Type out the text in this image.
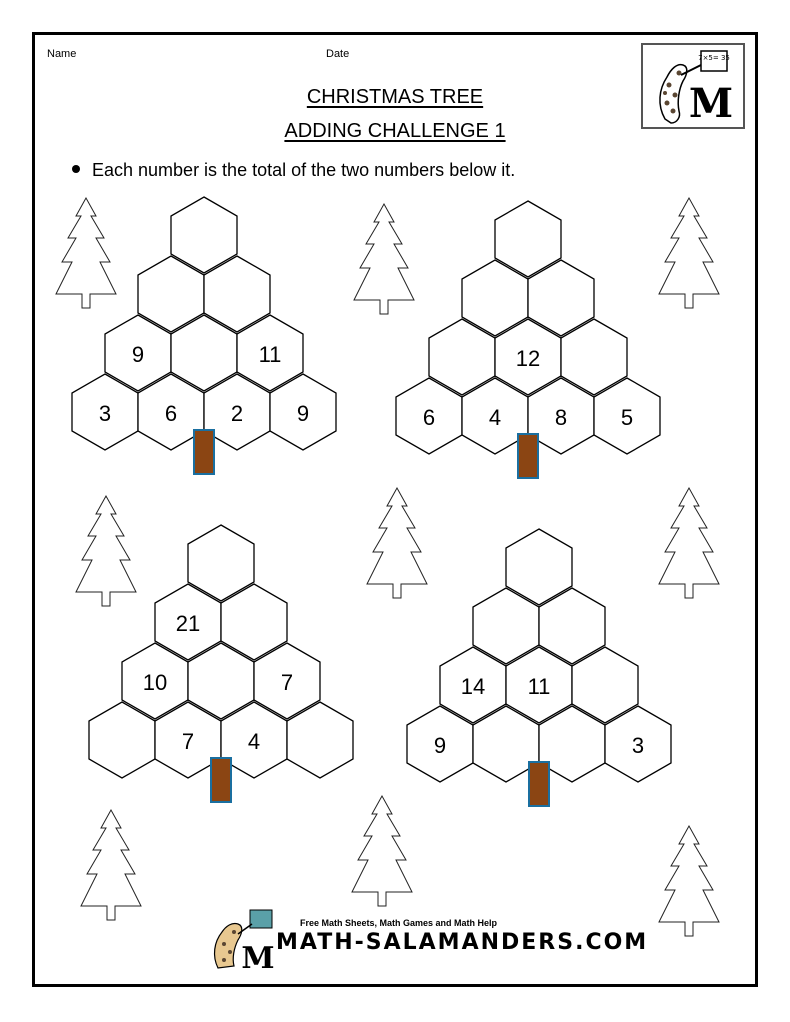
Name	Date	7×5= 35
M
CHRISTMAS TREE
ADDING CHALLENGE 1
Each number is the total of the two numbers below it.
9	11
3 6 2 9
12
6 4 8 5
21
10	7
7 4
14 11
9	3
M
Free Math Sheets, Math Games and Math Help
MATH-SALAMANDERS.COM
